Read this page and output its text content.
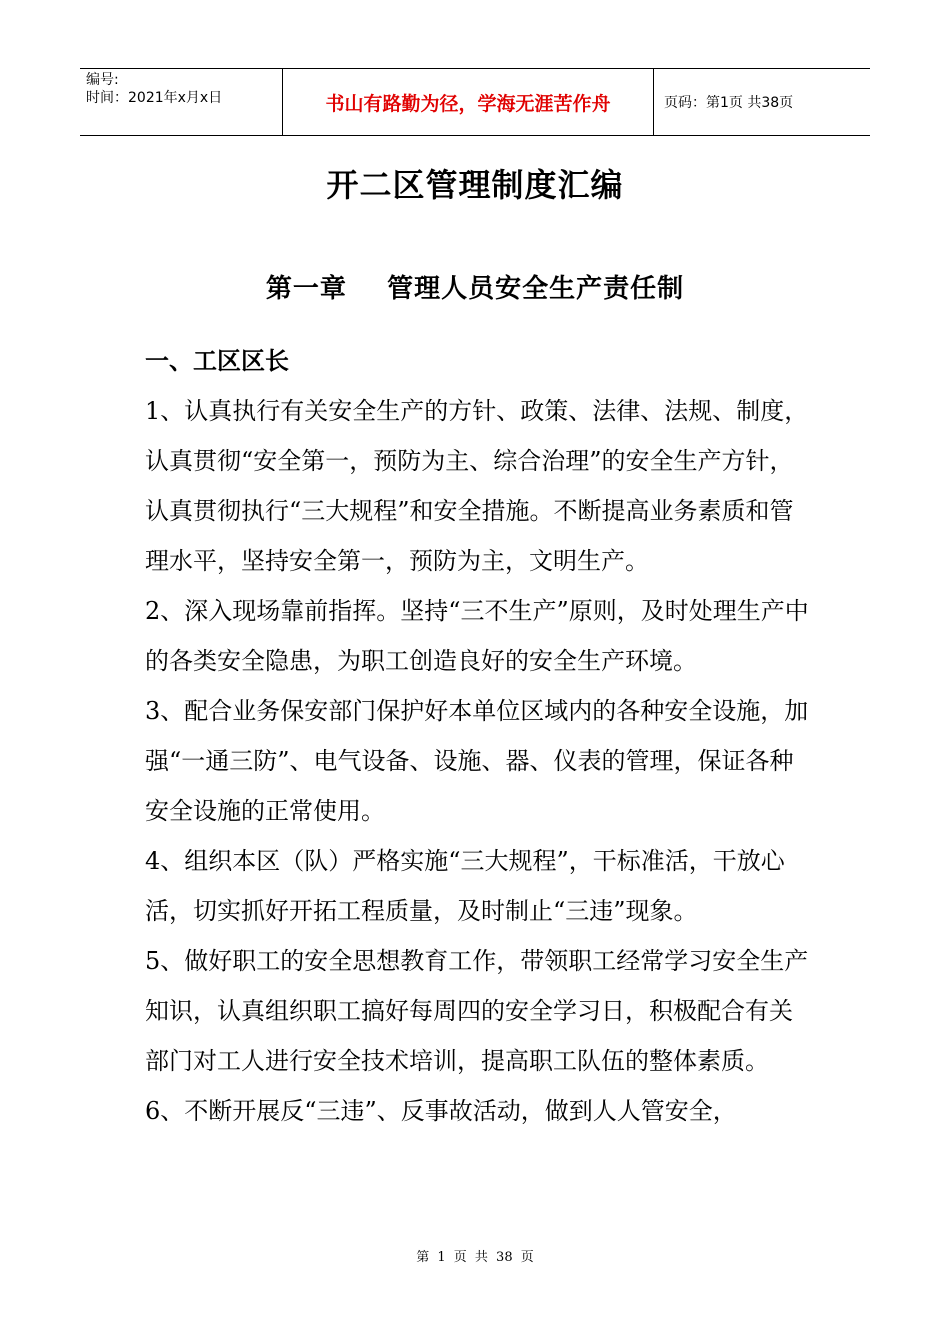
编号:
时间：2021年x月x日	书山有路勤为径，学海无涯苦作舟	页码：第1页 共38页
开二区管理制度汇编
第一章    管理人员安全生产责任制
一、工区区长

1、认真执行有关安全生产的方针、政策、法律、法规、制度，认真贯彻“安全第一，预防为主、综合治理”的安全生产方针，认真贯彻执行“三大规程”和安全措施。不断提高业务素质和管理水平，坚持安全第一，预防为主，文明生产。

2、深入现场靠前指挥。坚持“三不生产”原则，及时处理生产中的各类安全隐患，为职工创造良好的安全生产环境。

3、配合业务保安部门保护好本单位区域内的各种安全设施，加强“一通三防”、电气设备、设施、器、仪表的管理，保证各种安全设施的正常使用。

4、组织本区（队）严格实施“三大规程”，干标准活，干放心活，切实抓好开拓工程质量，及时制止“三违”现象。

5、做好职工的安全思想教育工作，带领职工经常学习安全生产知识，认真组织职工搞好每周四的安全学习日，积极配合有关部门对工人进行安全技术培训，提高职工队伍的整体素质。

6、不断开展反“三违”、反事故活动，做到人人管安全，

第 1 页 共 38 页
